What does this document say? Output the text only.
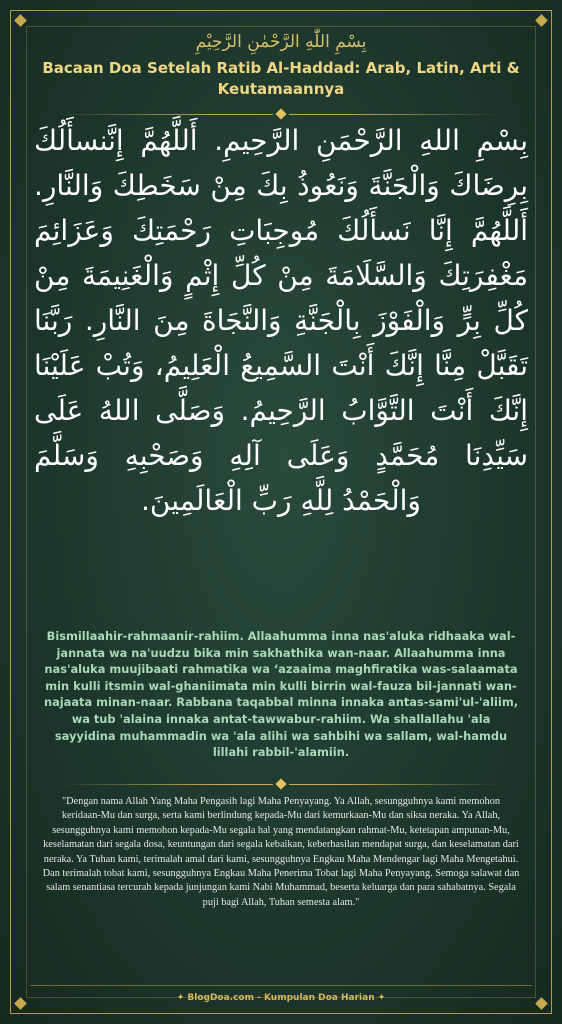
بِسْمِ اللّٰهِ الرَّحْمٰنِ الرَّحِيْمِ
Bacaan Doa Setelah Ratib Al-Haddad: Arab, Latin, Arti & Keutamaannya
بِسْمِ اللهِ الرَّحْمَنِ الرَّحِيمِ. أَللَّهُمَّ إِنَّنسأَلُكَ بِرِضَاكَ وَالْجَنَّةَ وَنَعُوذُ بِكَ مِنْ سَخَطِكَ وَالنَّارِ. أَللَّهُمَّ إِنَّا نَسأَلُكَ مُوجِبَاتِ رَحْمَتِكَ وَعَزَائِمَ مَغْفِرَتِكَ وَالسَّلَامَةَ مِنْ كُلِّ إِثْمٍ وَالْغَنِيمَةَ مِنْ كُلِّ بِرٍّ وَالْفَوْزَ بِالْجَنَّةِ وَالنَّجَاةَ مِنَ النَّارِ. رَبَّنَا تَقَبَّلْ مِنَّا إِنَّكَ أَنْتَ السَّمِيعُ الْعَلِيمُ، وَتُبْ عَلَيْنَا إِنَّكَ أَنْتَ التَّوَّابُ الرَّحِيمُ. وَصَلَّى اللهُ عَلَى سَيِّدِنَا مُحَمَّدٍ وَعَلَى آلِهِ وَصَحْبِهِ وَسَلَّمَ وَالْحَمْدُ لِلَّهِ رَبِّ الْعَالَمِينَ.
Bismillaahir-rahmaanir-rahiim. Allaahumma inna nas'aluka ridhaaka wal-jannata wa na'uudzu bika min sakhathika wan-naar. Allaahumma inna nas'aluka muujibaati rahmatika wa ‘azaaima maghfiratika was-salaamata min kulli itsmin wal-ghaniimata min kulli birrin wal-fauza bil-jannati wan-najaata minan-naar. Rabbana taqabbal minna innaka antas-sami'ul-'aliim, wa tub 'alaina innaka antat-tawwabur-rahiim. Wa shallallahu 'ala sayyidina muhammadin wa 'ala alihi wa sahbihi wa sallam, wal-hamdu lillahi rabbil-'alamiin.
"Dengan nama Allah Yang Maha Pengasih lagi Maha Penyayang. Ya Allah, sesungguhnya kami memohon keridaan-Mu dan surga, serta kami berlindung kepada-Mu dari kemurkaan-Mu dan siksa neraka. Ya Allah, sesungguhnya kami memohon kepada-Mu segala hal yang mendatangkan rahmat-Mu, ketetapan ampunan-Mu, keselamatan dari segala dosa, keuntungan dari segala kebaikan, keberhasilan mendapat surga, dan keselamatan dari neraka. Ya Tuhan kami, terimalah amal dari kami, sesungguhnya Engkau Maha Mendengar lagi Maha Mengetahui. Dan terimalah tobat kami, sesungguhnya Engkau Maha Penerima Tobat lagi Maha Penyayang. Semoga salawat dan salam senantiasa tercurah kepada junjungan kami Nabi Muhammad, beserta keluarga dan para sahabatnya. Segala puji bagi Allah, Tuhan semesta alam."
✦ BlogDoa.com - Kumpulan Doa Harian ✦
